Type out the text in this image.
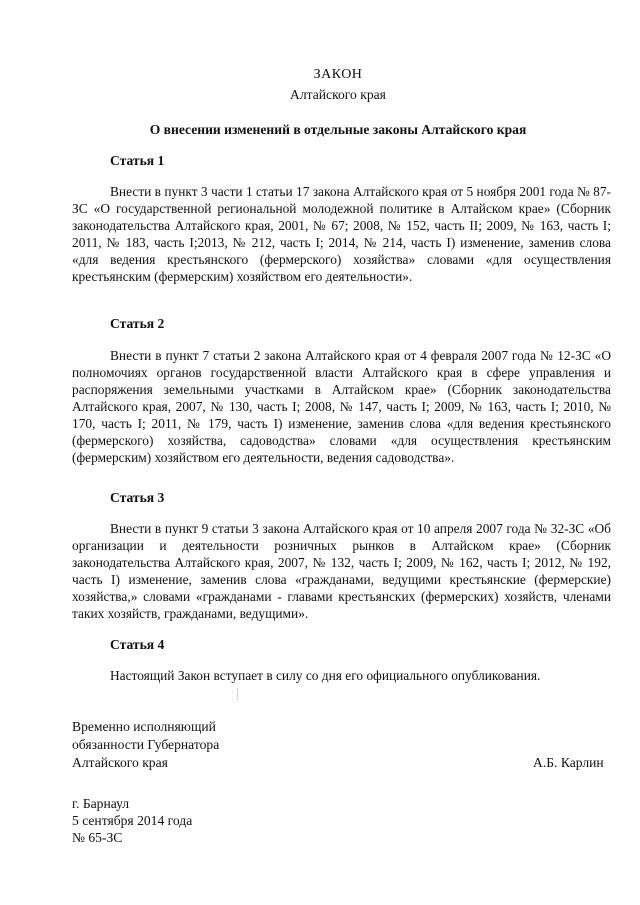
ЗАКОН
Алтайского края
О внесении изменений в отдельные законы Алтайского края
Статья 1
Внести в пункт 3 части 1 статьи 17 закона Алтайского края от 5 ноября 2001 года № 87-ЗС «О государственной региональной молодежной политике в Алтайском крае» (Сборник законодательства Алтайского края, 2001, № 67; 2008, № 152, часть II; 2009, № 163, часть I; 2011, № 183, часть I;2013, № 212, часть I; 2014, № 214, часть I) изменение, заменив слова «для ведения крестьянского (фермерского) хозяйства» словами «для осуществления крестьянским (фермерским) хозяйством его деятельности».
Статья 2
Внести в пункт 7 статьи 2 закона Алтайского края от 4 февраля 2007 года № 12-ЗС «О полномочиях органов государственной власти Алтайского края в сфере управления и распоряжения земельными участками в Алтайском крае» (Сборник законодательства Алтайского края, 2007, № 130, часть I; 2008, № 147, часть I; 2009, № 163, часть I; 2010, № 170, часть I; 2011, № 179, часть I) изменение, заменив слова «для ведения крестьянского (фермерского) хозяйства, садоводства» словами «для осуществления крестьянским (фермерским) хозяйством его деятельности, ведения садоводства».
Статья 3
Внести в пункт 9 статьи 3 закона Алтайского края от 10 апреля 2007 года № 32-ЗС «Об организации и деятельности розничных рынков в Алтайском крае» (Сборник законодательства Алтайского края, 2007, № 132, часть I; 2009, № 162, часть I; 2012, № 192, часть I) изменение, заменив слова «гражданами, ведущими крестьянские (фермерские) хозяйства,» словами «гражданами - главами крестьянских (фермерских) хозяйств, членами таких хозяйств, гражданами, ведущими».
Статья 4
Настоящий Закон вступает в силу со дня его официального опубликования.
Временно исполняющий
обязанности Губернатора
Алтайского края	А.Б. Карлин
г. Барнаул
5 сентября 2014 года
№ 65-ЗС
